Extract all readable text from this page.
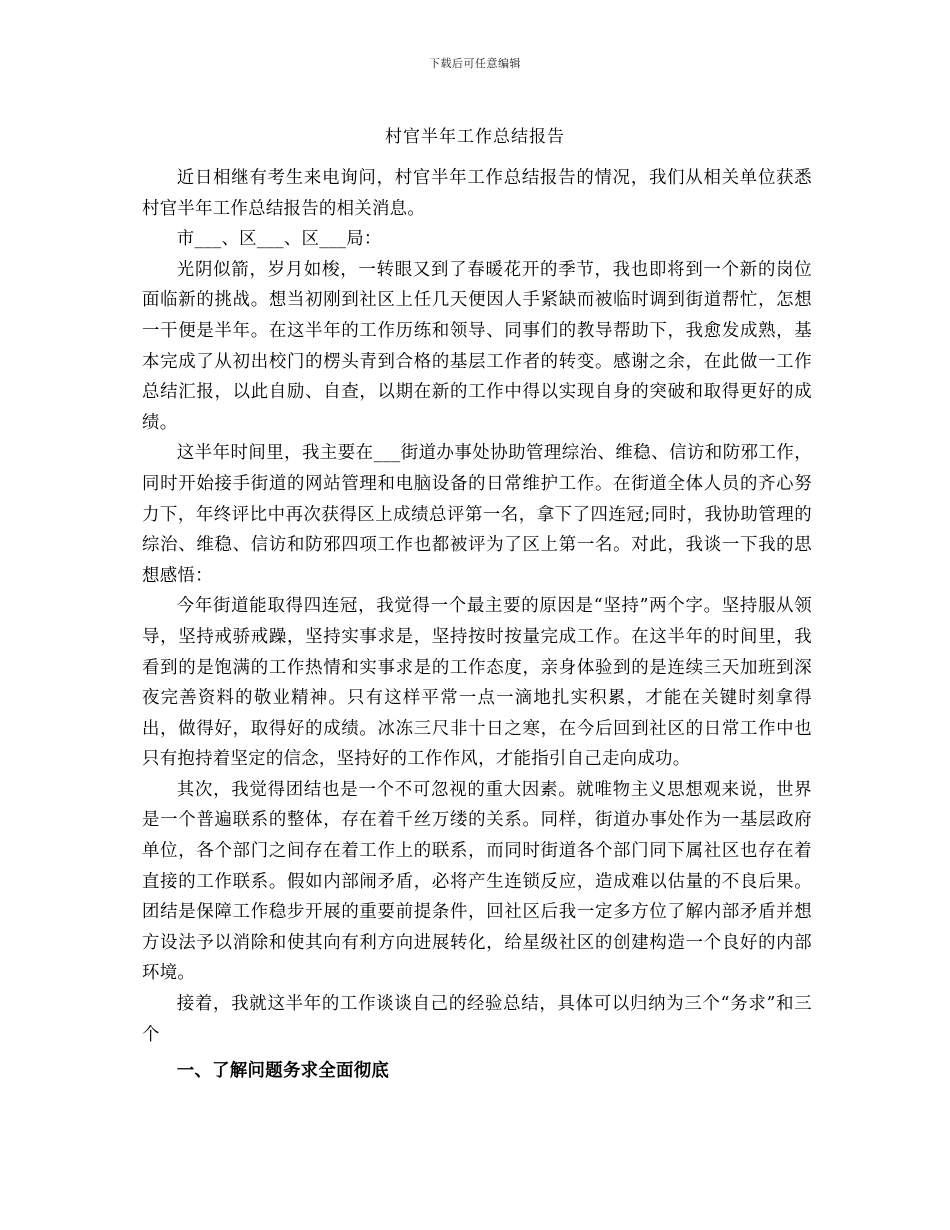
下载后可任意编辑
村官半年工作总结报告

近日相继有考生来电询问，村官半年工作总结报告的情况，我们从相关单位获悉村官半年工作总结报告的相关消息。

市___、区___、区___局：

光阴似箭，岁月如梭，一转眼又到了春暖花开的季节，我也即将到一个新的岗位面临新的挑战。想当初刚到社区上任几天便因人手紧缺而被临时调到街道帮忙，怎想一干便是半年。在这半年的工作历练和领导、同事们的教导帮助下，我愈发成熟，基本完成了从初出校门的楞头青到合格的基层工作者的转变。感谢之余，在此做一工作总结汇报，以此自励、自查，以期在新的工作中得以实现自身的突破和取得更好的成绩。

这半年时间里，我主要在___街道办事处协助管理综治、维稳、信访和防邪工作，同时开始接手街道的网站管理和电脑设备的日常维护工作。在街道全体人员的齐心努力下，年终评比中再次获得区上成绩总评第一名，拿下了四连冠;同时，我协助管理的综治、维稳、信访和防邪四项工作也都被评为了区上第一名。对此，我谈一下我的思想感悟：

今年街道能取得四连冠，我觉得一个最主要的原因是“坚持”两个字。坚持服从领导，坚持戒骄戒躁，坚持实事求是，坚持按时按量完成工作。在这半年的时间里，我看到的是饱满的工作热情和实事求是的工作态度，亲身体验到的是连续三天加班到深夜完善资料的敬业精神。只有这样平常一点一滴地扎实积累，才能在关键时刻拿得出，做得好，取得好的成绩。冰冻三尺非十日之寒，在今后回到社区的日常工作中也只有抱持着坚定的信念，坚持好的工作作风，才能指引自己走向成功。

其次，我觉得团结也是一个不可忽视的重大因素。就唯物主义思想观来说，世界是一个普遍联系的整体，存在着千丝万缕的关系。同样，街道办事处作为一基层政府单位，各个部门之间存在着工作上的联系，而同时街道各个部门同下属社区也存在着直接的工作联系。假如内部闹矛盾，必将产生连锁反应，造成难以估量的不良后果。团结是保障工作稳步开展的重要前提条件，回社区后我一定多方位了解内部矛盾并想方设法予以消除和使其向有利方向进展转化，给星级社区的创建构造一个良好的内部环境。

接着，我就这半年的工作谈谈自己的经验总结，具体可以归纳为三个“务求”和三个

一、了解问题务求全面彻底
